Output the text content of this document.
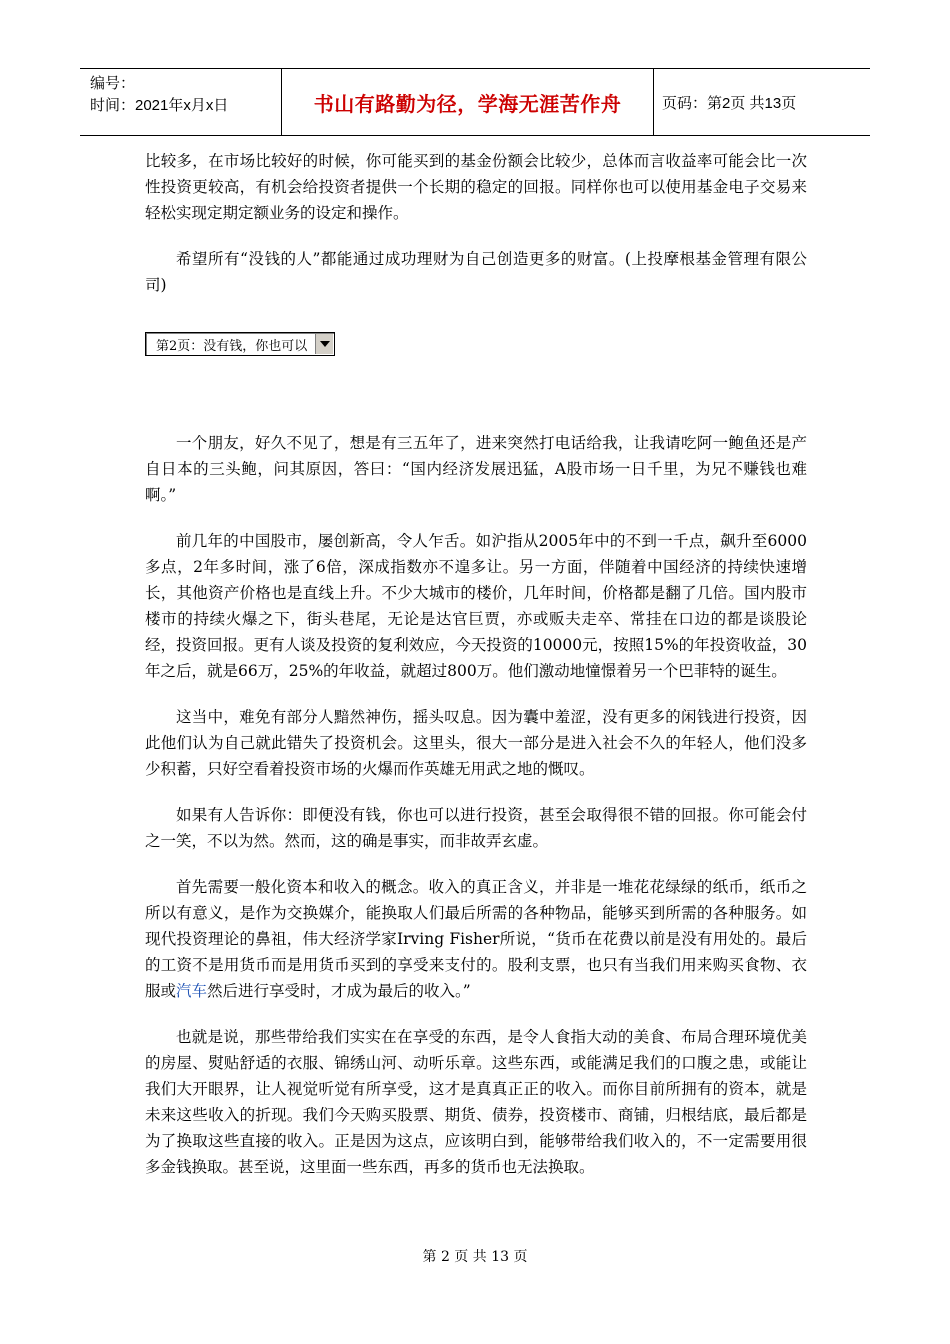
编号：
时间：2021年x月x日	书山有路勤为径，学海无涯苦作舟	页码：第2页 共13页

比较多，在市场比较好的时候，你可能买到的基金份额会比较少，总体而言收益率可能会比一次性投资更较高，有机会给投资者提供一个长期的稳定的回报。同样你也可以使用基金电子交易来轻松实现定期定额业务的设定和操作。

希望所有“没钱的人”都能通过成功理财为自己创造更多的财富。(上投摩根基金管理有限公司)

第2页：没有钱，你也可以

一个朋友，好久不见了，想是有三五年了，进来突然打电话给我，让我请吃阿一鲍鱼还是产自日本的三头鲍，问其原因，答曰：“国内经济发展迅猛，A股市场一日千里，为兄不赚钱也难啊。”

前几年的中国股市，屡创新高，令人乍舌。如沪指从2005年中的不到一千点，飙升至6000多点，2年多时间，涨了6倍，深成指数亦不遑多让。另一方面，伴随着中国经济的持续快速增长，其他资产价格也是直线上升。不少大城市的楼价，几年时间，价格都是翻了几倍。国内股市楼市的持续火爆之下，街头巷尾，无论是达官巨贾，亦或贩夫走卒、常挂在口边的都是谈股论经，投资回报。更有人谈及投资的复利效应，今天投资的10000元，按照15%的年投资收益，30年之后，就是66万，25%的年收益，就超过800万。他们激动地憧憬着另一个巴菲特的诞生。

这当中，难免有部分人黯然神伤，摇头叹息。因为囊中羞涩，没有更多的闲钱进行投资，因此他们认为自己就此错失了投资机会。这里头，很大一部分是进入社会不久的年轻人，他们没多少积蓄，只好空看着投资市场的火爆而作英雄无用武之地的慨叹。

如果有人告诉你：即便没有钱，你也可以进行投资，甚至会取得很不错的回报。你可能会付之一笑，不以为然。然而，这的确是事实，而非故弄玄虚。

首先需要一般化资本和收入的概念。收入的真正含义，并非是一堆花花绿绿的纸币，纸币之所以有意义，是作为交换媒介，能换取人们最后所需的各种物品，能够买到所需的各种服务。如现代投资理论的鼻祖，伟大经济学家Irving Fisher所说，“货币在花费以前是没有用处的。最后的工资不是用货币而是用货币买到的享受来支付的。股利支票，也只有当我们用来购买食物、衣服或汽车然后进行享受时，才成为最后的收入。”

也就是说，那些带给我们实实在在享受的东西，是令人食指大动的美食、布局合理环境优美的房屋、熨贴舒适的衣服、锦绣山河、动听乐章。这些东西，或能满足我们的口腹之患，或能让我们大开眼界，让人视觉听觉有所享受，这才是真真正正的收入。而你目前所拥有的资本，就是未来这些收入的折现。我们今天购买股票、期货、债券，投资楼市、商铺，归根结底，最后都是为了换取这些直接的收入。正是因为这点，应该明白到，能够带给我们收入的，不一定需要用很多金钱换取。甚至说，这里面一些东西，再多的货币也无法换取。

第 2 页 共 13 页
